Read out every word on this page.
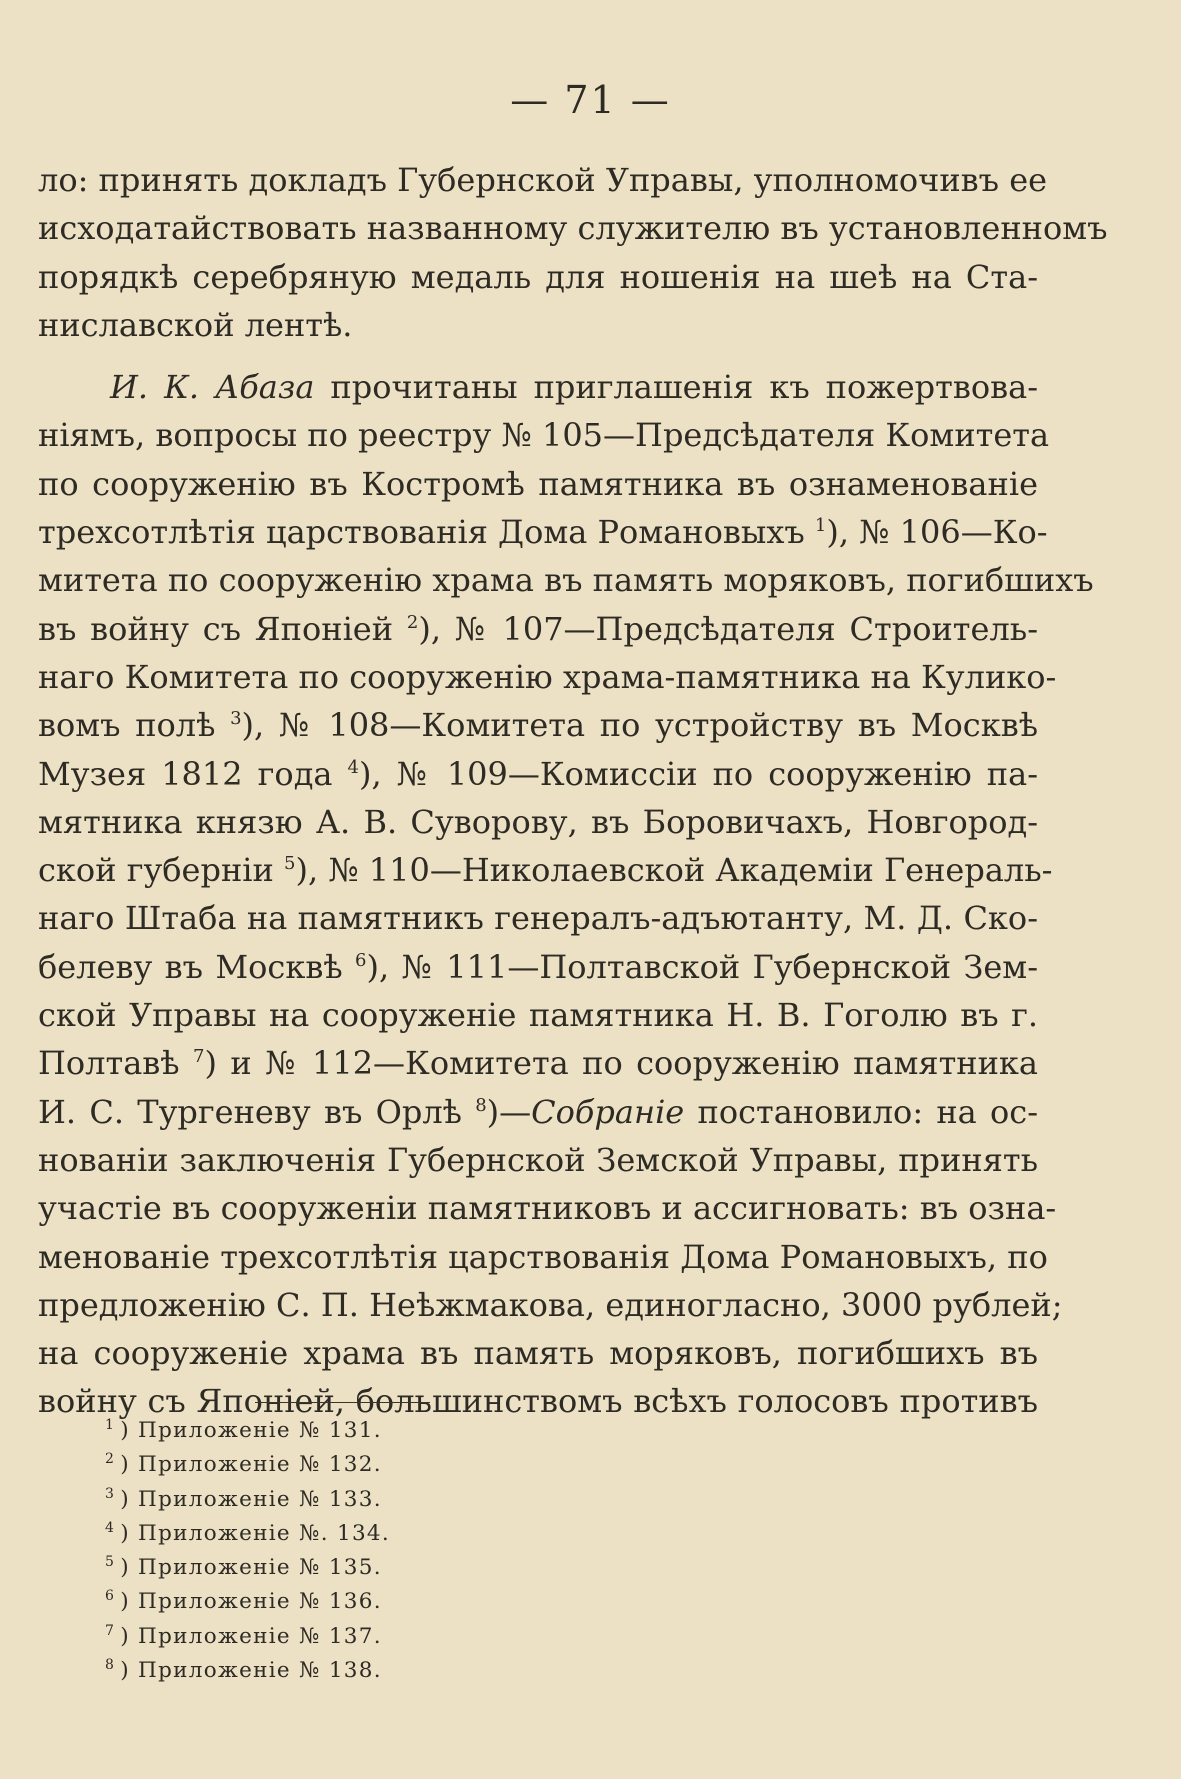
— 71 —
ло: принять докладъ Губернской Управы, уполномочивъ ее
исходатайствовать названному служителю въ установленномъ
порядкѣ серебряную медаль для ношенія на шеѣ на Ста-
ниславской лентѣ.
И. К. Абаза прочитаны приглашенія къ пожертвова-
ніямъ, вопросы по реестру № 105—Предсѣдателя Комитета
по сооруженію въ Костромѣ памятника въ ознаменованіе
трехсотлѣтія царствованія Дома Романовыхъ $^1$), № 106—Ко-
митета по сооруженію храма въ память моряковъ, погибшихъ
въ войну съ Японіей $^2$), № 107—Предсѣдателя Строитель-
наго Комитета по сооруженію храма-памятника на Кулико-
вомъ полѣ $^3$), № 108—Комитета по устройству въ Москвѣ
Музея 1812 года $^4$), № 109—Комиссіи по сооруженію па-
мятника князю А. В. Суворову, въ Боровичахъ, Новгород-
ской губерніи $^5$), № 110—Николаевской Академіи Генераль-
наго Штаба на памятникъ генералъ-адъютанту, М. Д. Ско-
белеву въ Москвѣ $^6$), № 111—Полтавской Губернской Зем-
ской Управы на сооруженіе памятника Н. В. Гоголю въ г.
Полтавѣ $^7$) и № 112—Комитета по сооруженію памятника
И. С. Тургеневу въ Орлѣ $^8$)—Собраніе постановило: на ос-
нованіи заключенія Губернской Земской Управы, принять
участіе въ сооруженіи памятниковъ и ассигновать: въ озна-
менованіе трехсотлѣтія царствованія Дома Романовыхъ, по
предложенію С. П. Неѣжмакова, единогласно, 3000 рублей;
на сооруженіе храма въ память моряковъ, погибшихъ въ
войну съ Японіей, большинствомъ всѣхъ голосовъ противъ
$^1$ ) Приложеніе № 131.
$^2$ ) Приложеніе № 132.
$^3$ ) Приложеніе № 133.
$^4$ ) Приложеніе №. 134.
$^5$ ) Приложеніе № 135.
$^6$ ) Приложеніе № 136.
$^7$ ) Приложеніе № 137.
$^8$ ) Приложеніе № 138.
